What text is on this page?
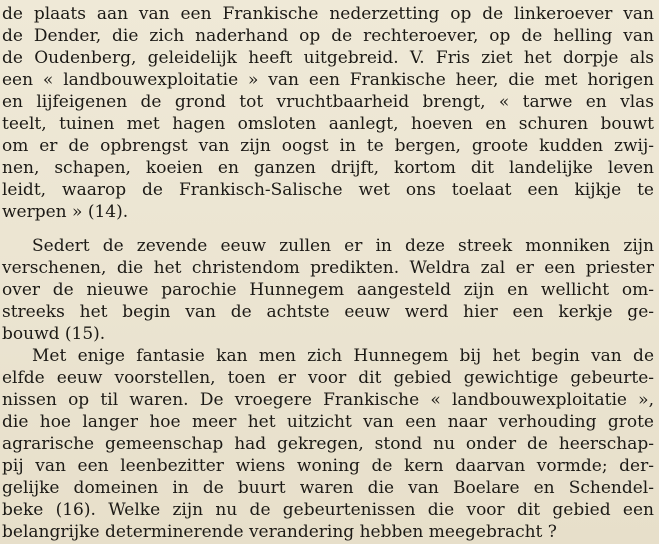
de plaats aan van een Frankische nederzetting op de linkeroever van
de Dender, die zich naderhand op de rechteroever, op de helling van
de Oudenberg, geleidelijk heeft uitgebreid. V. Fris ziet het dorpje als
een « landbouwexploitatie » van een Frankische heer, die met horigen
en lijfeigenen de grond tot vruchtbaarheid brengt, « tarwe en vlas
teelt, tuinen met hagen omsloten aanlegt, hoeven en schuren bouwt
om er de opbrengst van zijn oogst in te bergen, groote kudden zwij-
nen, schapen, koeien en ganzen drijft, kortom dit landelijke leven
leidt, waarop de Frankisch-Salische wet ons toelaat een kijkje te
werpen » (14).
Sedert de zevende eeuw zullen er in deze streek monniken zijn
verschenen, die het christendom predikten. Weldra zal er een priester
over de nieuwe parochie Hunnegem aangesteld zijn en wellicht om-
streeks het begin van de achtste eeuw werd hier een kerkje ge-
bouwd (15).
Met enige fantasie kan men zich Hunnegem bij het begin van de
elfde eeuw voorstellen, toen er voor dit gebied gewichtige gebeurte-
nissen op til waren. De vroegere Frankische « landbouwexploitatie »,
die hoe langer hoe meer het uitzicht van een naar verhouding grote
agrarische gemeenschap had gekregen, stond nu onder de heerschap-
pij van een leenbezitter wiens woning de kern daarvan vormde; der-
gelijke domeinen in de buurt waren die van Boelare en Schendel-
beke (16). Welke zijn nu de gebeurtenissen die voor dit gebied een
belangrijke determinerende verandering hebben meegebracht ?
